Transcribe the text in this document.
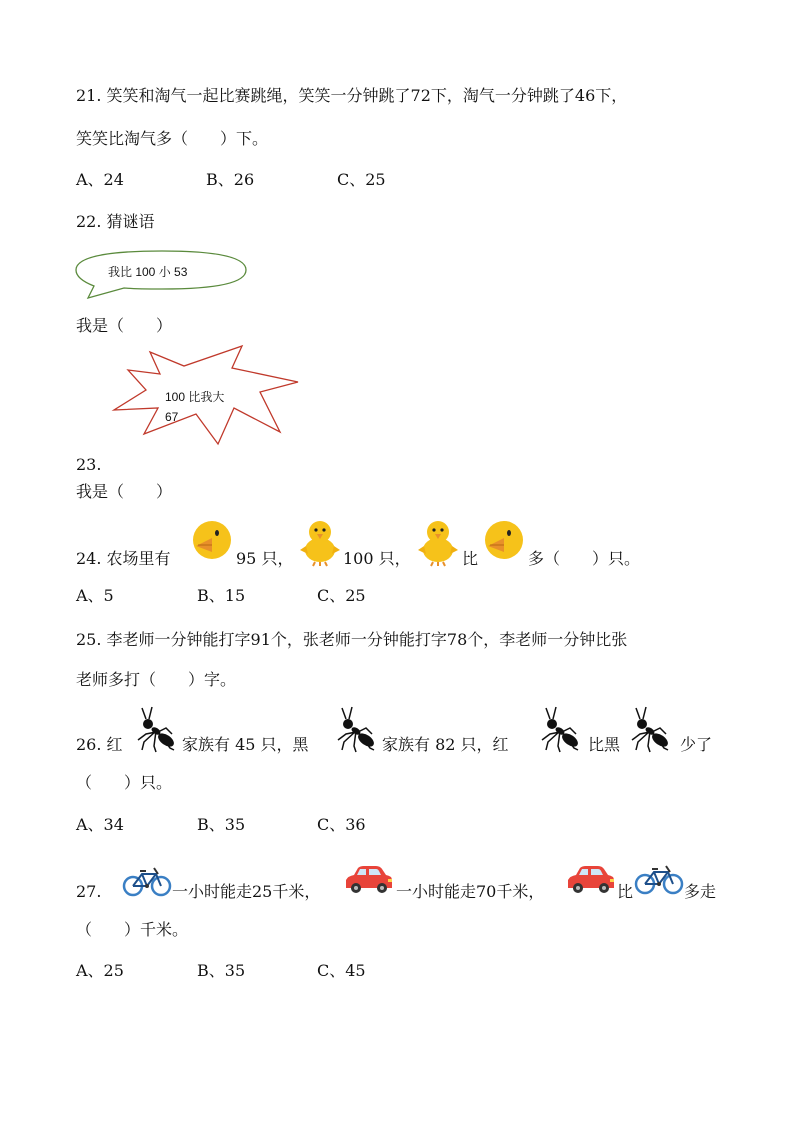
21. 笑笑和淘气一起比赛跳绳，笑笑一分钟跳了72下，淘气一分钟跳了46下，
笑笑比淘气多（　　）下。
A、24	B、26	C、25
22. 猜谜语
我比 100 小 53
我是（　　）
100 比我大
67
23.
我是（　　）
24. 农场里有	95 只，	100 只，	比	多（　　）只。
A、5	B、15	C、25
25. 李老师一分钟能打字91个，张老师一分钟能打字78个，李老师一分钟比张
老师多打（　　）字。
26. 红	家族有 45 只，黑	家族有 82 只，红	比黑	少了
（　　）只。
A、34	B、35	C、36
27.	一小时能走25千米，	一小时能走70千米，	比	多走
（　　）千米。
A、25	B、35	C、45
